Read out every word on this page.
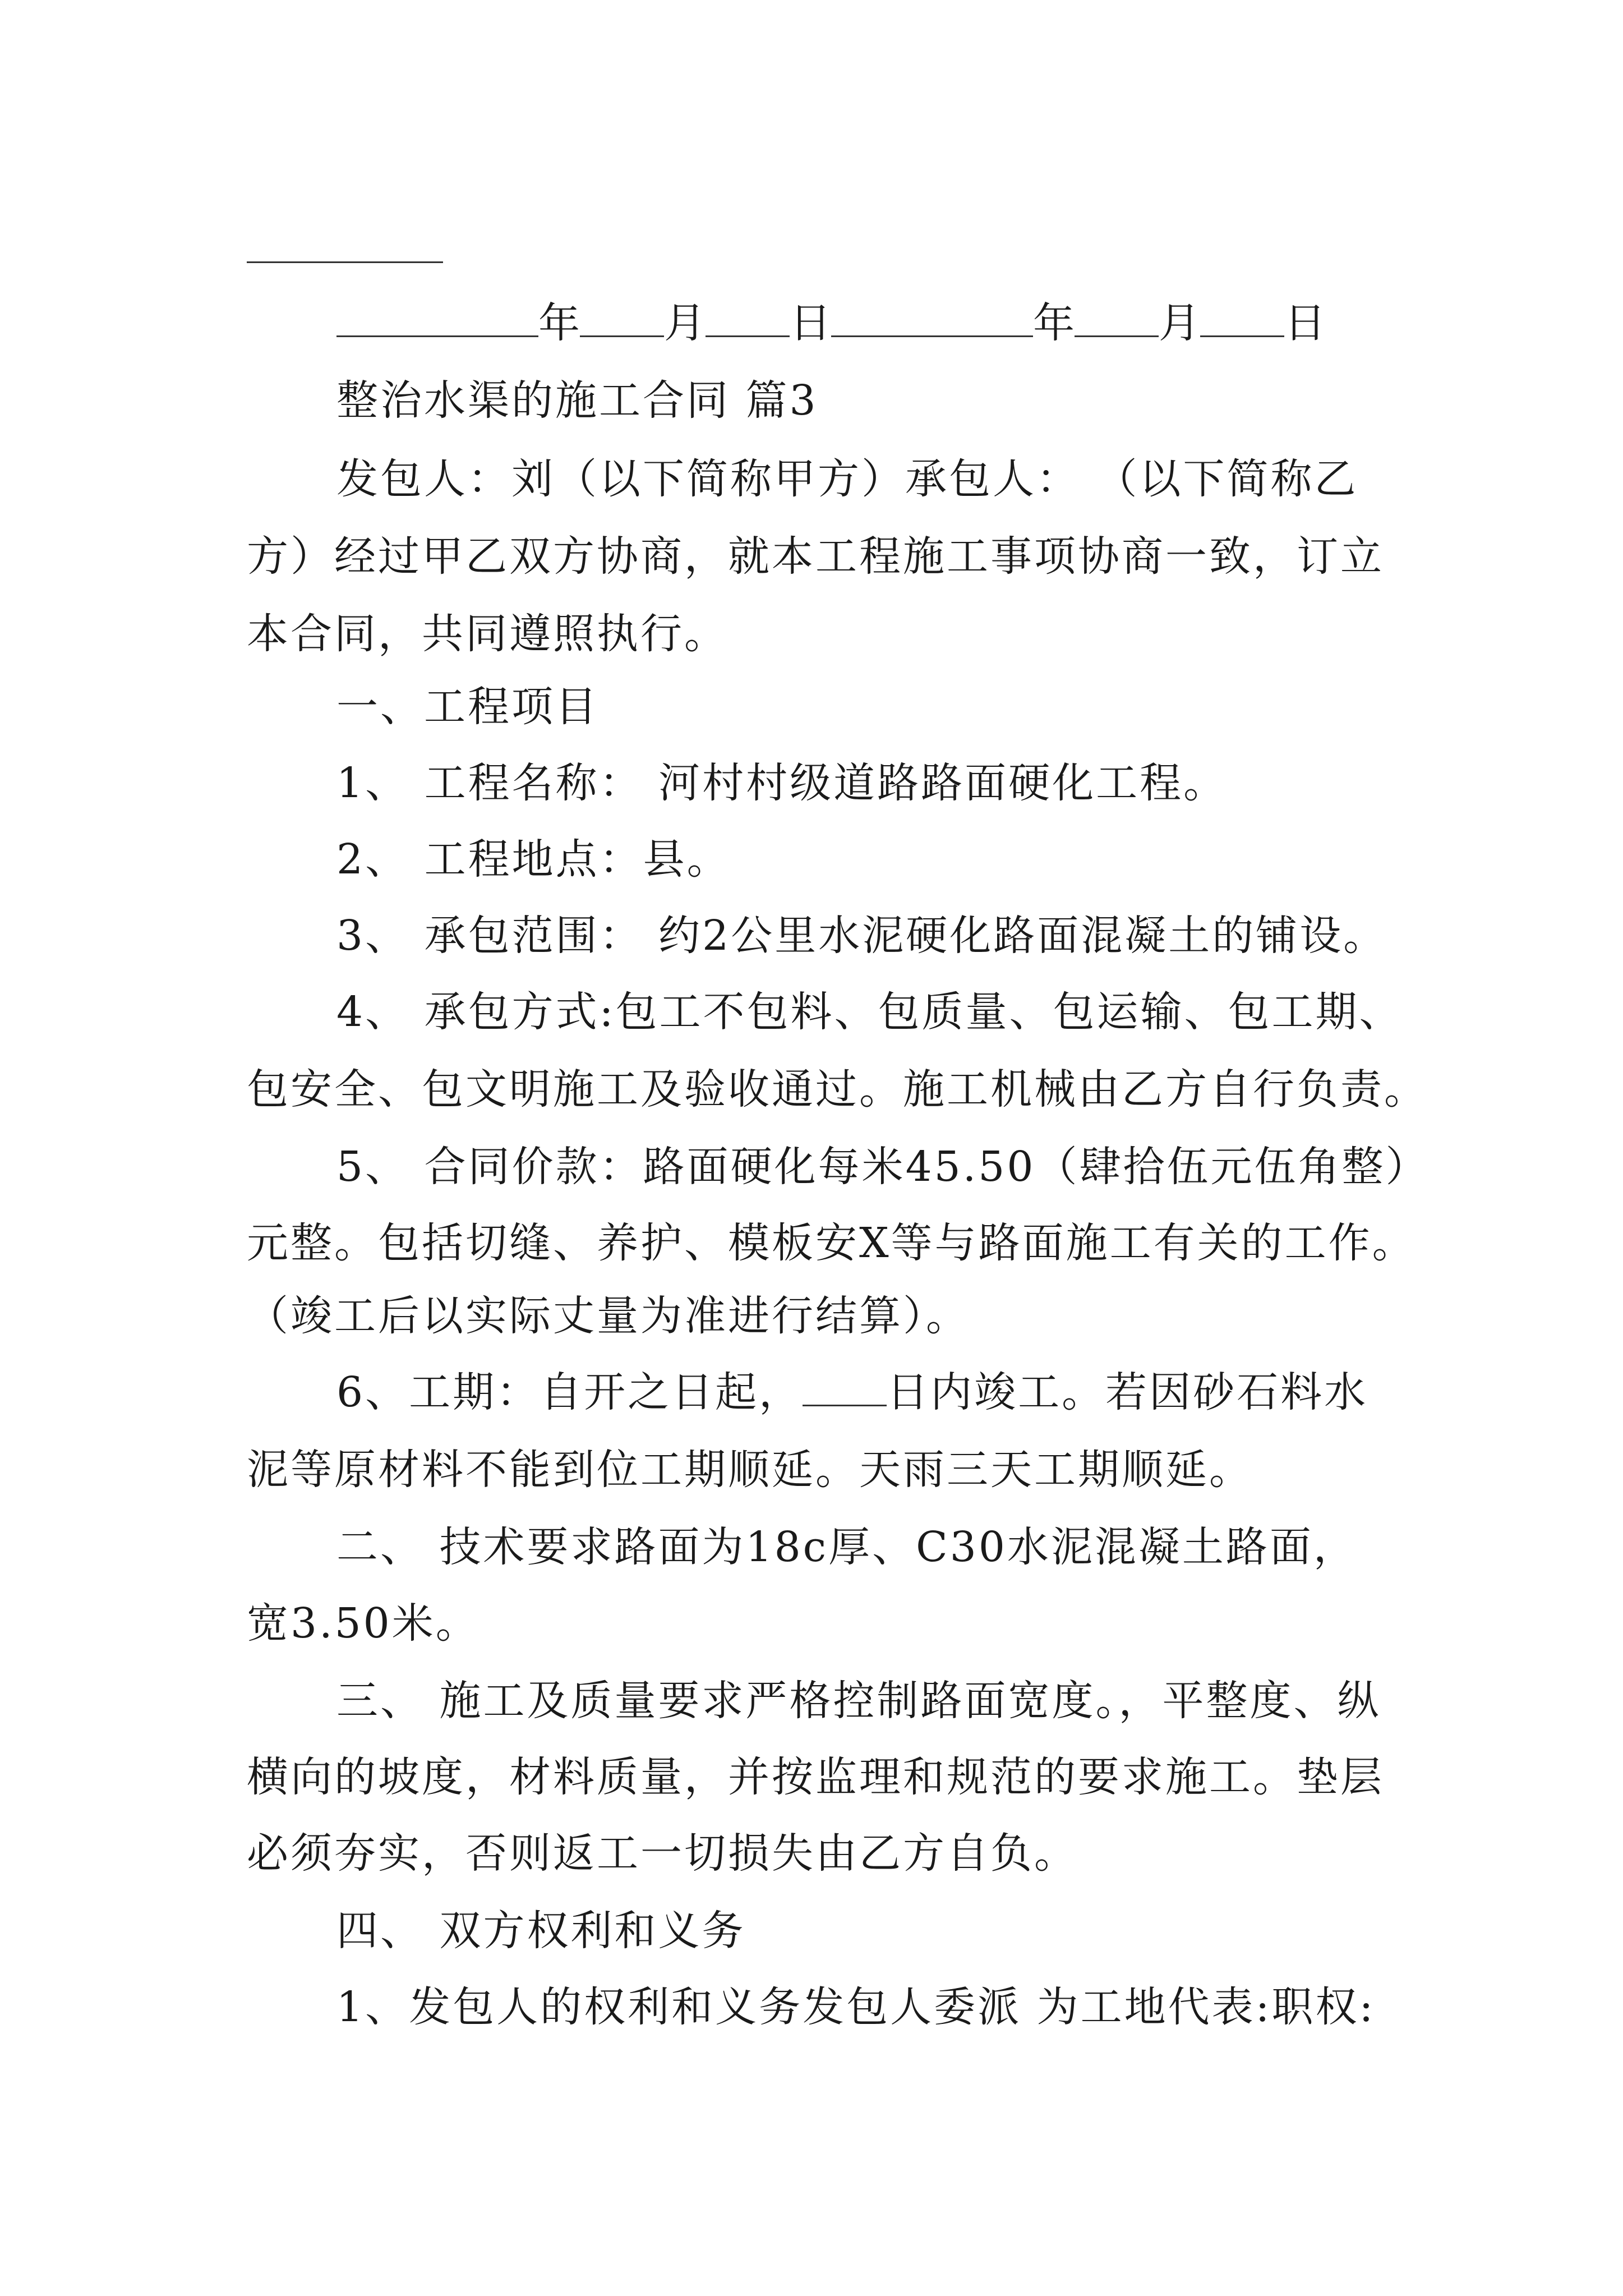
年 月 日	年 月 日
整治水渠的施工合同 篇3
发包人：刘（以下简称甲方）承包人： （以下简称乙
方）经过甲乙双方协商，就本工程施工事项协商一致，订立
本合同，共同遵照执行。
一、工程项目
1、 工程名称： 河村村级道路路面硬化工程。
2、 工程地点：县。
3、 承包范围： 约2公里水泥硬化路面混凝土的铺设。
4、 承包方式:包工不包料、包质量、包运输、包工期、
包安全、包文明施工及验收通过。施工机械由乙方自行负责。
5、 合同价款：路面硬化每米45.50（肆拾伍元伍角整）
元整。包括切缝、养护、模板安X等与路面施工有关的工作。
（竣工后以实际丈量为准进行结算）。
6、工期：自开之日起， 日内竣工。若因砂石料水
泥等原材料不能到位工期顺延。天雨三天工期顺延。
二、 技术要求路面为18c厚、C30水泥混凝土路面，
宽3.50米。
三、 施工及质量要求严格控制路面宽度。，平整度、纵
横向的坡度，材料质量，并按监理和规范的要求施工。垫层
必须夯实，否则返工一切损失由乙方自负。
四、 双方权利和义务
1、发包人的权利和义务发包人委派 为工地代表:职权:
